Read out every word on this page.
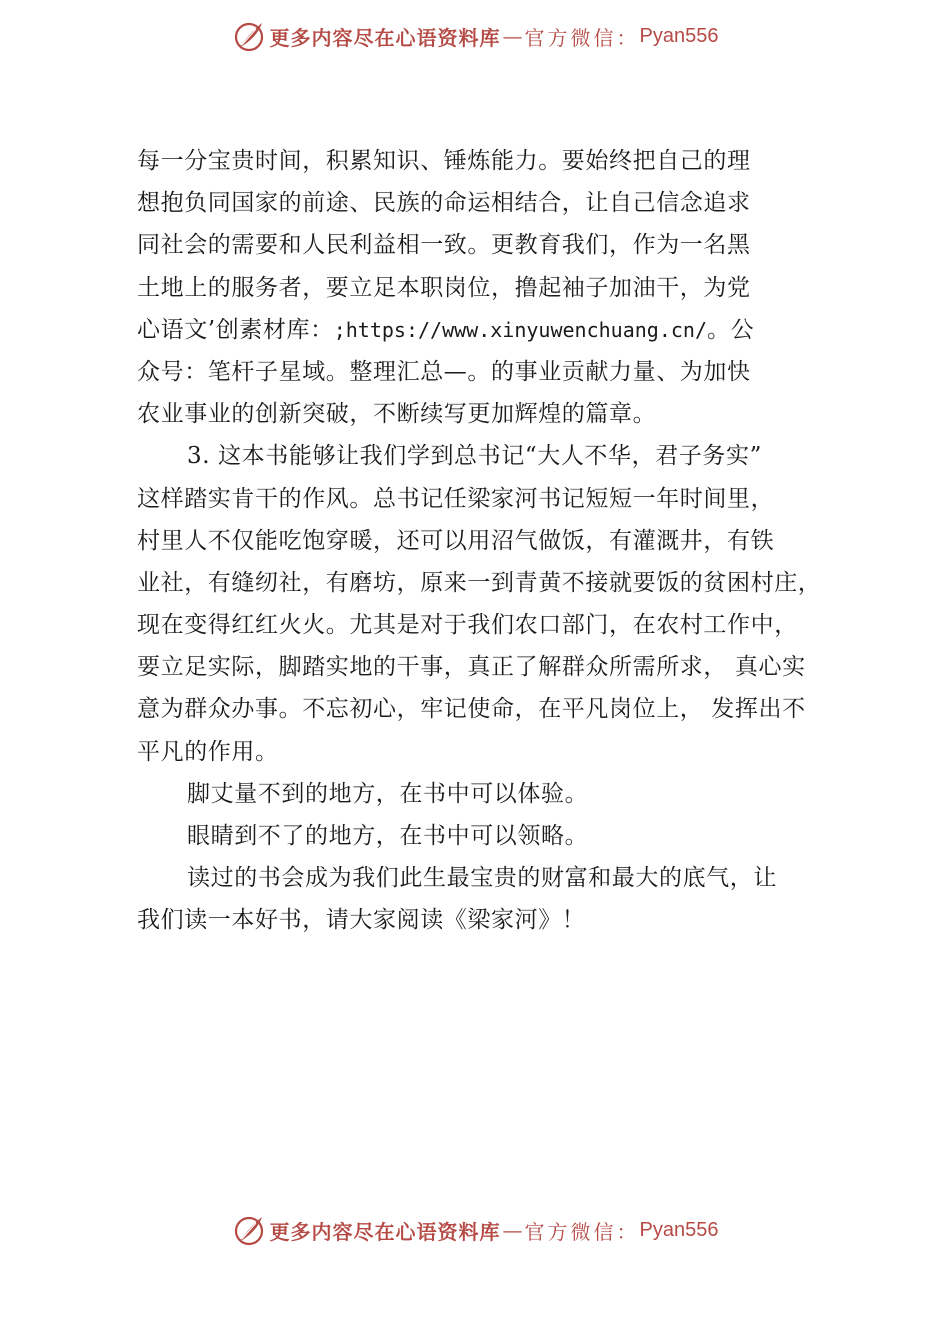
更多内容尽在心语资料库 — 官方微信： Pyan556
每一分宝贵时间，积累知识、锤炼能力。要始终把自己的理
想抱负同国家的前途、民族的命运相结合，让自己信念追求
同社会的需要和人民利益相一致。更教育我们，作为一名黑
土地上的服务者，要立足本职岗位，撸起袖子加油干，为党
心语文’创素材库：;https://www.xinyuwenchuang.cn/。公
众号：笔杆子星域。整理汇总—。的事业贡献力量、为加快
农业事业的创新突破，不断续写更加辉煌的篇章。
3. 这本书能够让我们学到总书记“大人不华，君子务实”
这样踏实肯干的作风。总书记任梁家河书记短短一年时间里，
村里人不仅能吃饱穿暖，还可以用沼气做饭，有灌溉井，有铁
业社，有缝纫社，有磨坊，原来一到青黄不接就要饭的贫困村庄，
现在变得红红火火。尤其是对于我们农口部门，在农村工作中，
要立足实际，脚踏实地的干事，真正了解群众所需所求， 真心实
意为群众办事。不忘初心，牢记使命，在平凡岗位上， 发挥出不
平凡的作用。
脚丈量不到的地方，在书中可以体验。
眼睛到不了的地方，在书中可以领略。
读过的书会成为我们此生最宝贵的财富和最大的底气，让
我们读一本好书，请大家阅读《梁家河》！
更多内容尽在心语资料库 — 官方微信： Pyan556
